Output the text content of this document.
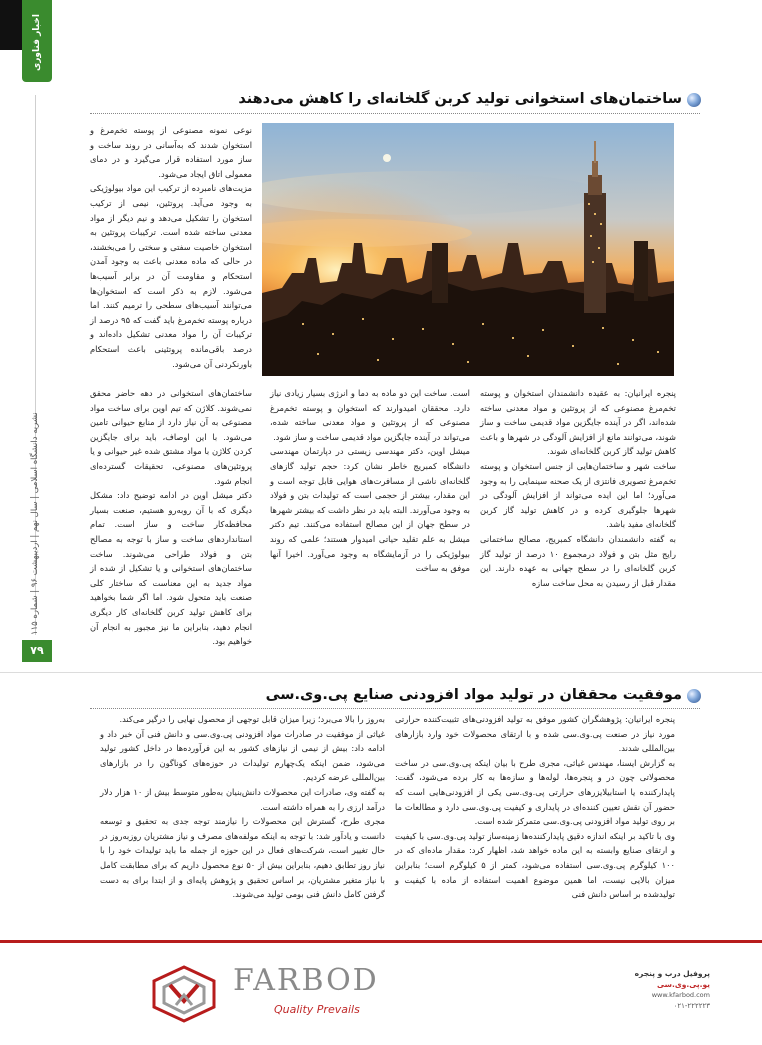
اخبار فناوری
نشریه دانشگاه اسلامی | سال نهم | اردیبهشت ۹۶ | شماره ۱۱۵
۷۹
ساختمان‌های استخوانی تولید کربن گلخانه‌ای را کاهش می‌دهند

نوعی نمونه مصنوعی از پوسته تخم‌مرغ و استخوان شدند که به‌آسانی در روند ساخت و ساز مورد استفاده قرار می‌گیرد و در دمای معمولی اتاق ایجاد می‌شود.

مزیت‌های نامبرده از ترکیب این مواد بیولوژیکی به وجود می‌آید. پروتئین، نیمی از ترکیب استخوان را تشکیل می‌دهد و نیم دیگر از مواد معدنی ساخته شده است. ترکیبات پروتئین به استخوان خاصیت سفتی و سختی را می‌بخشند، در حالی که ماده معدنی باعث به وجود آمدن استحکام و مقاومت آن در برابر آسیب‌ها می‌شود. لازم به ذکر است که استخوان‌ها می‌توانند آسیب‌های سطحی را ترمیم کنند. اما درباره پوسته تخم‌مرغ باید گفت که ۹۵ درصد از ترکیبات آن را مواد معدنی تشکیل داده‌اند و درصد باقی‌مانده پروتئینی باعث استحکام باورنکردنی آن می‌شود.

ساختمان‌های استخوانی در دهه حاضر محقق نمی‌شوند. کلاژن که تیم اوین برای ساخت مواد مصنوعی به آن نیاز دارد از منابع حیوانی تامین می‌شود. با این اوصاف، باید برای جایگزین کردن کلاژن با مواد مشتق شده غیر حیوانی و یا پروتئین‌های مصنوعی، تحقیقات گسترده‌ای انجام شود.

دکتر میشل اوین در ادامه توضیح داد: مشکل دیگری که با آن روبه‌رو هستیم، صنعت بسیار محافظه‌کار ساخت و ساز است. تمام استانداردهای ساخت و ساز با توجه به مصالح بتن و فولاد طراحی می‌شوند. ساخت ساختمان‌های استخوانی و یا تشکیل از شده از مواد جدید به این معناست که ساختار کلی صنعت باید متحول شود. اما اگر شما بخواهید برای کاهش تولید کربن گلخانه‌ای کار دیگری انجام دهید، بنابراین ما نیز مجبور به انجام آن خواهیم بود.

است. ساخت این دو ماده به دما و انرژی بسیار زیادی نیاز دارد. محققان امیدوارند که استخوان و پوسته تخم‌مرغ مصنوعی که از پروتئین و مواد معدنی ساخته شده، می‌تواند در آینده جایگزین مواد قدیمی ساخت و ساز شود.

میشل اوین، دکتر مهندسی زیستی در دپارتمان مهندسی دانشگاه کمبریج خاطر نشان کرد: حجم تولید گازهای گلخانه‌ای ناشی از مسافرت‌های هوایی قابل توجه است و این مقدار، بیشتر از حجمی است که تولیدات بتن و فولاد به وجود می‌آورند. البته باید در نظر داشت که بیشتر شهرها در سطح جهان از این مصالح استفاده می‌کنند. تیم دکتر میشل به علم تقلید حیاتی امیدوار هستند؛ علمی که روند بیولوژیکی را در آزمایشگاه به وجود می‌آورد. اخیرا آنها موفق به ساخت

پنجره ایرانیان: به عقیده دانشمندان استخوان و پوسته تخم‌مرغ مصنوعی که از پروتئین و مواد معدنی ساخته شده‌اند، اگر در آینده جایگزین مواد قدیمی ساخت و ساز شوند، می‌توانند مانع از افزایش آلودگی در شهرها و باعث کاهش تولید گاز کربن گلخانه‌ای شوند.

ساخت شهر و ساختمان‌هایی از جنس استخوان و پوسته تخم‌مرغ تصویری فانتزی از یک صحنه سینمایی را به وجود می‌آورد؛ اما این ایده می‌تواند از افزایش آلودگی در شهرها جلوگیری کرده و در کاهش تولید گاز کربن گلخانه‌ای مفید باشد.

به گفته دانشمندان دانشگاه کمبریج، مصالح ساختمانی رایج مثل بتن و فولاد درمجموع ۱۰ درصد از تولید گاز کربن گلخانه‌ای را در سطح جهانی به عهده دارند. این مقدار قبل از رسیدن به محل ساخت سازه

موفقیت محققان در تولید مواد افزودنی صنایع پی.وی.سی

به‌روز را بالا می‌برد؛ زیرا میزان قابل توجهی از محصول نهایی را درگیر می‌کند.

غیاثی از موفقیت در صادرات مواد افزودنی پی.وی.سی و دانش فنی آن خبر داد و ادامه داد: بیش از نیمی از نیازهای کشور به این فرآورده‌ها در داخل کشور تولید می‌شود، ضمن اینکه یک‌چهارم تولیدات در حوزه‌های کوناگون را در بازارهای بین‌المللی عرضه کردیم.

به گفته وی، صادرات این محصولات دانش‌بنیان به‌طور متوسط بیش از ۱۰ هزار دلار درآمد ارزی را به همراه داشته است.

مجری طرح، گسترش این محصولات را نیازمند توجه جدی به تحقیق و توسعه دانست و یادآور شد: با توجه به اینکه مولفه‌های مصرف و نیاز مشتریان روزبه‌روز در حال تغییر است، شرکت‌های فعال در این حوزه از جمله ما باید تولیدات خود را با نیاز روز تطابق دهیم، بنابراین بیش از ۵۰ نوع محصول داریم که برای مطابقت کامل با نیاز متغیر مشتریان، بر اساس تحقیق و پژوهش پایه‌ای و از ابتدا برای به دست گرفتن کامل دانش فنی بومی تولید می‌شوند.

پنجره ایرانیان: پژوهشگران کشور موفق به تولید افزودنی‌های تثبیت‌کننده حرارتی مورد نیاز در صنعت پی.وی.سی شده و با ارتقای محصولات خود وارد بازارهای بین‌المللی شدند.

به گزارش ایسنا، مهندس غیاثی، مجری طرح با بیان اینکه پی.وی.سی در ساخت محصولاتی چون در و پنجره‌ها، لوله‌ها و سازه‌ها به کار برده می‌شود، گفت: پایدارکننده یا استابیلایزرهای حرارتی پی.وی.سی یکی از افزودنی‌هایی است که حضور آن نقش تعیین کننده‌ای در پایداری و کیفیت پی.وی.سی دارد و مطالعات ما بر روی تولید مواد افزودنی پی.وی.سی متمرکز شده است.

وی با تاکید بر اینکه اندازه دقیق پایدارکننده‌ها زمینه‌ساز تولید پی.وی.سی با کیفیت و ارتقای صنایع وابسته به این ماده خواهد شد، اظهار کرد: مقدار ماده‌ای که در ۱۰۰ کیلوگرم پی.وی.سی استفاده می‌شود، کمتر از ۵ کیلوگرم است؛ بنابراین میزان بالایی نیست، اما همین موضوع اهمیت استفاده از ماده با کیفیت و تولیدشده بر اساس دانش فنی

FARBOD
Quality Prevails
پروفیل درب و پنجره
یو.پی.وی.سی
www.kfarbod.com
۰۲۱-۲۲۲۲۲۳
